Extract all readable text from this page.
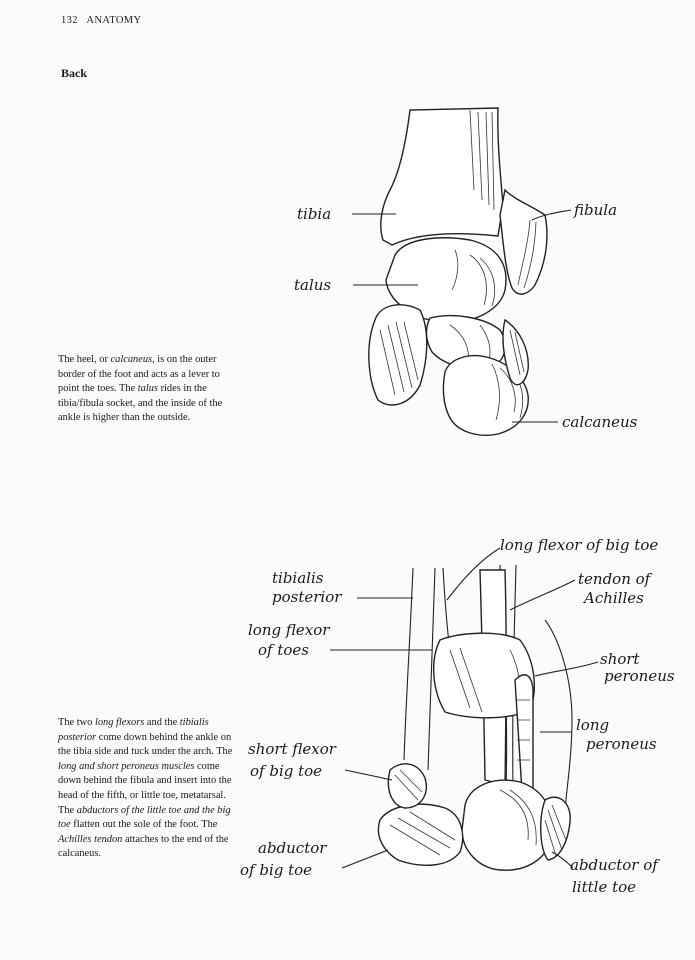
132 ANATOMY
Back
The heel, or calcaneus, is on the outer border of the foot and acts as a lever to point the toes. The talus rides in the tibia/fibula socket, and the inside of the ankle is higher than the outside.
The two long flexors and the tibialis posterior come down behind the ankle on the tibia side and tuck under the arch. The long and short peroneus muscles come down behind the fibula and insert into the head of the fifth, or little toe, metatarsal. The abductors of the little toe and the big toe flatten out the sole of the foot. The Achilles tendon attaches to the end of the calcaneus.
tibia	fibula
talus
calcaneus
long flexor of big toe
tibialis
posterior
tendon of
Achilles
long flexor
of toes	short
peroneus
long
peroneus
short flexor
of big toe
abductor
of big toe	abductor of
little toe
